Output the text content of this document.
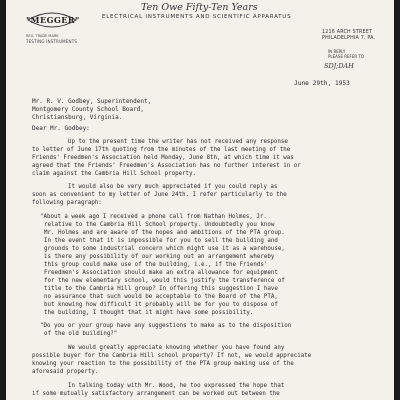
"MEGGER"
REG. TRADE MARK
TESTING INSTRUMENTS
Ten Owe Fifty-Ten Years
ELECTRICAL INSTRUMENTS AND SCIENTIFIC APPARATUS
1216 ARCH STREET
PHILADELPHIA 7, PA.
IN REPLY
PLEASE REFER TO
SDJ;DAH
June 29th, 1953
Mr. R. V. Godbey, Superintendent,
Montgomery County School Board,
Christiansburg, Virginia.
Dear Mr. Godbey:
Up to the present time the writer has not received any response
to letter of June 17th quoting from the minutes of the last meeting of the
Friends' Freedmen's Association held Monday, June 8th, at which time it was
agreed that the Friends' Freedmen's Association has no further interest in or
claim against the Cambria Hill School property.
It would also be very much appreciated if you could reply as
soon as convenient to my letter of June 24th. I refer particularly to the
following paragraph:
"About a week ago I received a phone call from Nathan Holmes, Jr.
relative to the Cambria Hill School property. Undoubtedly you know
Mr. Holmes and are aware of the hopes and ambitions of the PTA group.
In the event that it is impossible for you to sell the building and
grounds to some industrial concern which might use it as a warehouse,
is there any possibility of our working out an arrangement whereby
this group could make use of the building, i.e., if the Friends'
Freedmen's Association should make an extra allowance for equipment
for the new elementary school, would this justify the transference of
title to the Cambria Hill group? In offering this suggestion I have
no assurance that such would be acceptable to the Board of the PTA,
but knowing how difficult it probably will be for you to dispose of
the building, I thought that it might have some possibility.
"Do you or your group have any suggestions to make as to the disposition
of the old building?"
We would greatly appreciate knowing whether you have found any
possible buyer for the Cambria Hill school property? If not, we would appreciate
knowing your reaction to the possibility of the PTA group making use of the
aforesaid property.
In talking today with Mr. Wood, he too expressed the hope that
if some mutually satisfactory arrangement can be worked out between the
